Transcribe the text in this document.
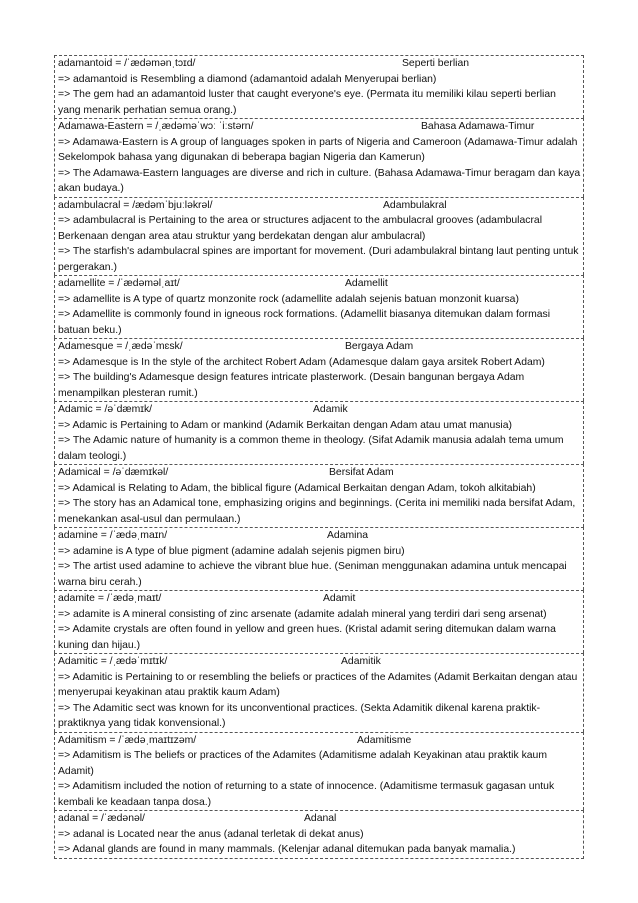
adamantoid = /ˈædəmənˌtɔɪd/	Seperti berlian
=> adamantoid is Resembling a diamond (adamantoid adalah Menyerupai berlian)
=> The gem had an adamantoid luster that caught everyone's eye. (Permata itu memiliki kilau seperti berlian yang menarik perhatian semua orang.)
Adamawa-Eastern = /ˌædəməˈwɔː ˈiːstərn/	Bahasa Adamawa-Timur
=> Adamawa-Eastern is A group of languages spoken in parts of Nigeria and Cameroon (Adamawa-Timur adalah Sekelompok bahasa yang digunakan di beberapa bagian Nigeria dan Kamerun)
=> The Adamawa-Eastern languages are diverse and rich in culture. (Bahasa Adamawa-Timur beragam dan kaya akan budaya.)
adambulacral = /ædəmˈbjuːləkrəl/	Adambulakral
=> adambulacral is Pertaining to the area or structures adjacent to the ambulacral grooves (adambulacral Berkenaan dengan area atau struktur yang berdekatan dengan alur ambulacral)
=> The starfish's adambulacral spines are important for movement. (Duri adambulakral bintang laut penting untuk pergerakan.)
adamellite = /ˈædəməlˌaɪt/	Adamellit
=> adamellite is A type of quartz monzonite rock (adamellite adalah sejenis batuan monzonit kuarsa)
=> Adamellite is commonly found in igneous rock formations. (Adamellit biasanya ditemukan dalam formasi batuan beku.)
Adamesque = /ˌædəˈmɛsk/	Bergaya Adam
=> Adamesque is In the style of the architect Robert Adam (Adamesque dalam gaya arsitek Robert Adam)
=> The building's Adamesque design features intricate plasterwork. (Desain bangunan bergaya Adam menampilkan plesteran rumit.)
Adamic = /əˈdæmɪk/	Adamik
=> Adamic is Pertaining to Adam or mankind (Adamik Berkaitan dengan Adam atau umat manusia)
=> The Adamic nature of humanity is a common theme in theology. (Sifat Adamik manusia adalah tema umum dalam teologi.)
Adamical = /əˈdæmɪkəl/	Bersifat Adam
=> Adamical is Relating to Adam, the biblical figure (Adamical Berkaitan dengan Adam, tokoh alkitabiah)
=> The story has an Adamical tone, emphasizing origins and beginnings. (Cerita ini memiliki nada bersifat Adam, menekankan asal-usul dan permulaan.)
adamine = /ˈædəˌmaɪn/	Adamina
=> adamine is A type of blue pigment (adamine adalah sejenis pigmen biru)
=> The artist used adamine to achieve the vibrant blue hue. (Seniman menggunakan adamina untuk mencapai warna biru cerah.)
adamite = /ˈædəˌmaɪt/	Adamit
=> adamite is A mineral consisting of zinc arsenate (adamite adalah mineral yang terdiri dari seng arsenat)
=> Adamite crystals are often found in yellow and green hues. (Kristal adamit sering ditemukan dalam warna kuning dan hijau.)
Adamitic = /ˌædəˈmɪtɪk/	Adamitik
=> Adamitic is Pertaining to or resembling the beliefs or practices of the Adamites (Adamit Berkaitan dengan atau menyerupai keyakinan atau praktik kaum Adam)
=> The Adamitic sect was known for its unconventional practices. (Sekta Adamitik dikenal karena praktik-praktiknya yang tidak konvensional.)
Adamitism = /ˈædəˌmaɪtɪzəm/	Adamitisme
=> Adamitism is The beliefs or practices of the Adamites (Adamitisme adalah Keyakinan atau praktik kaum Adamit)
=> Adamitism included the notion of returning to a state of innocence. (Adamitisme termasuk gagasan untuk kembali ke keadaan tanpa dosa.)
adanal = /ˈædənəl/	Adanal
=> adanal is Located near the anus (adanal terletak di dekat anus)
=> Adanal glands are found in many mammals. (Kelenjar adanal ditemukan pada banyak mamalia.)
